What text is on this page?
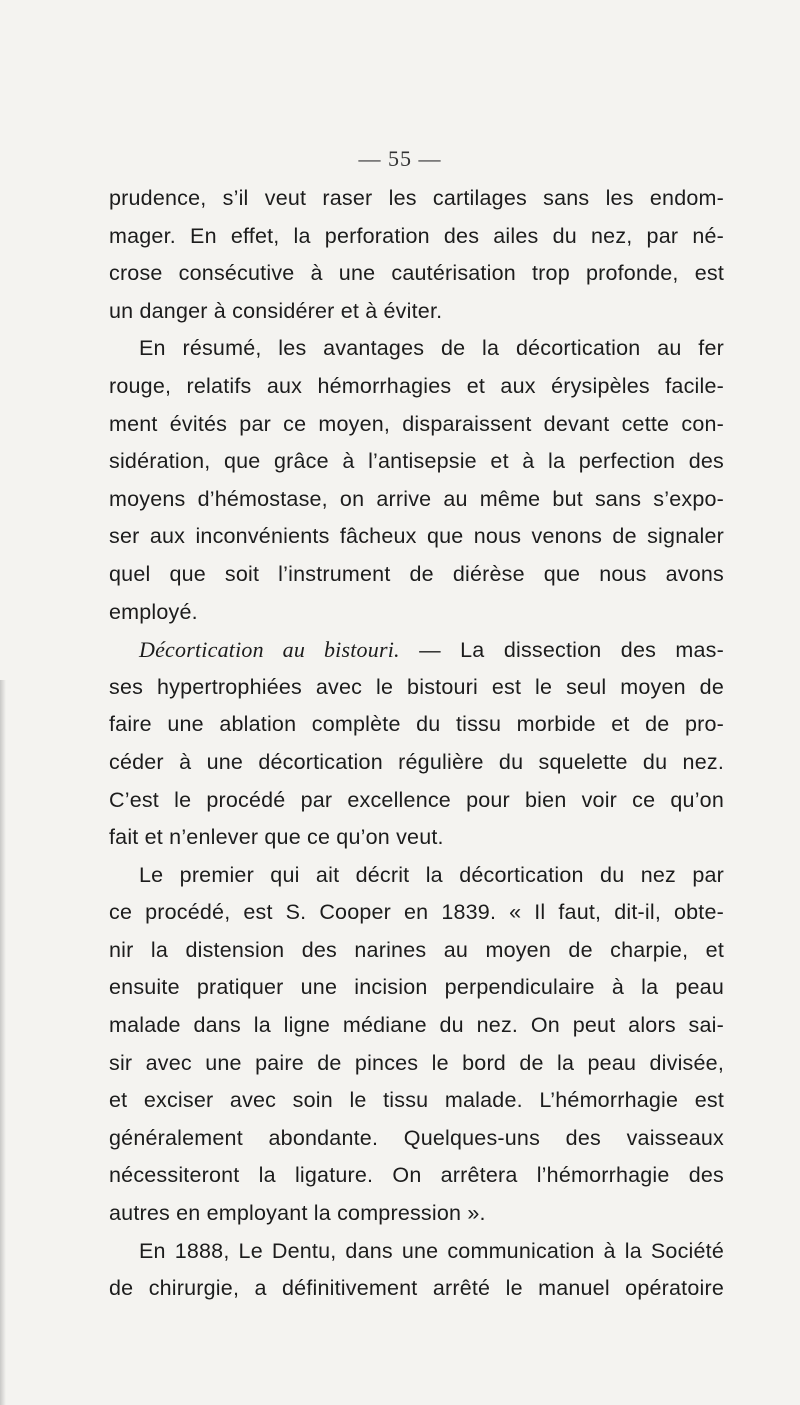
— 55 —
prudence, s’il veut raser les cartilages sans les endom-
mager. En effet, la perforation des ailes du nez, par né-
crose consécutive à une cautérisation trop profonde, est
un danger à considérer et à éviter.
En résumé, les avantages de la décortication au fer
rouge, relatifs aux hémorrhagies et aux érysipèles facile-
ment évités par ce moyen, disparaissent devant cette con-
sidération, que grâce à l’antisepsie et à la perfection des
moyens d’hémostase, on arrive au même but sans s’expo-
ser aux inconvénients fâcheux que nous venons de signaler
quel que soit l’instrument de diérèse que nous avons
employé.
Décortication au bistouri. — La dissection des mas-
ses hypertrophiées avec le bistouri est le seul moyen de
faire une ablation complète du tissu morbide et de pro-
céder à une décortication régulière du squelette du nez.
C’est le procédé par excellence pour bien voir ce qu’on
fait et n’enlever que ce qu’on veut.
Le premier qui ait décrit la décortication du nez par
ce procédé, est S. Cooper en 1839. « Il faut, dit-il, obte-
nir la distension des narines au moyen de charpie, et
ensuite pratiquer une incision perpendiculaire à la peau
malade dans la ligne médiane du nez. On peut alors sai-
sir avec une paire de pinces le bord de la peau divisée,
et exciser avec soin le tissu malade. L’hémorrhagie est
généralement abondante. Quelques-uns des vaisseaux
nécessiteront la ligature. On arrêtera l’hémorrhagie des
autres en employant la compression ».
En 1888, Le Dentu, dans une communication à la Société
de chirurgie, a définitivement arrêté le manuel opératoire
